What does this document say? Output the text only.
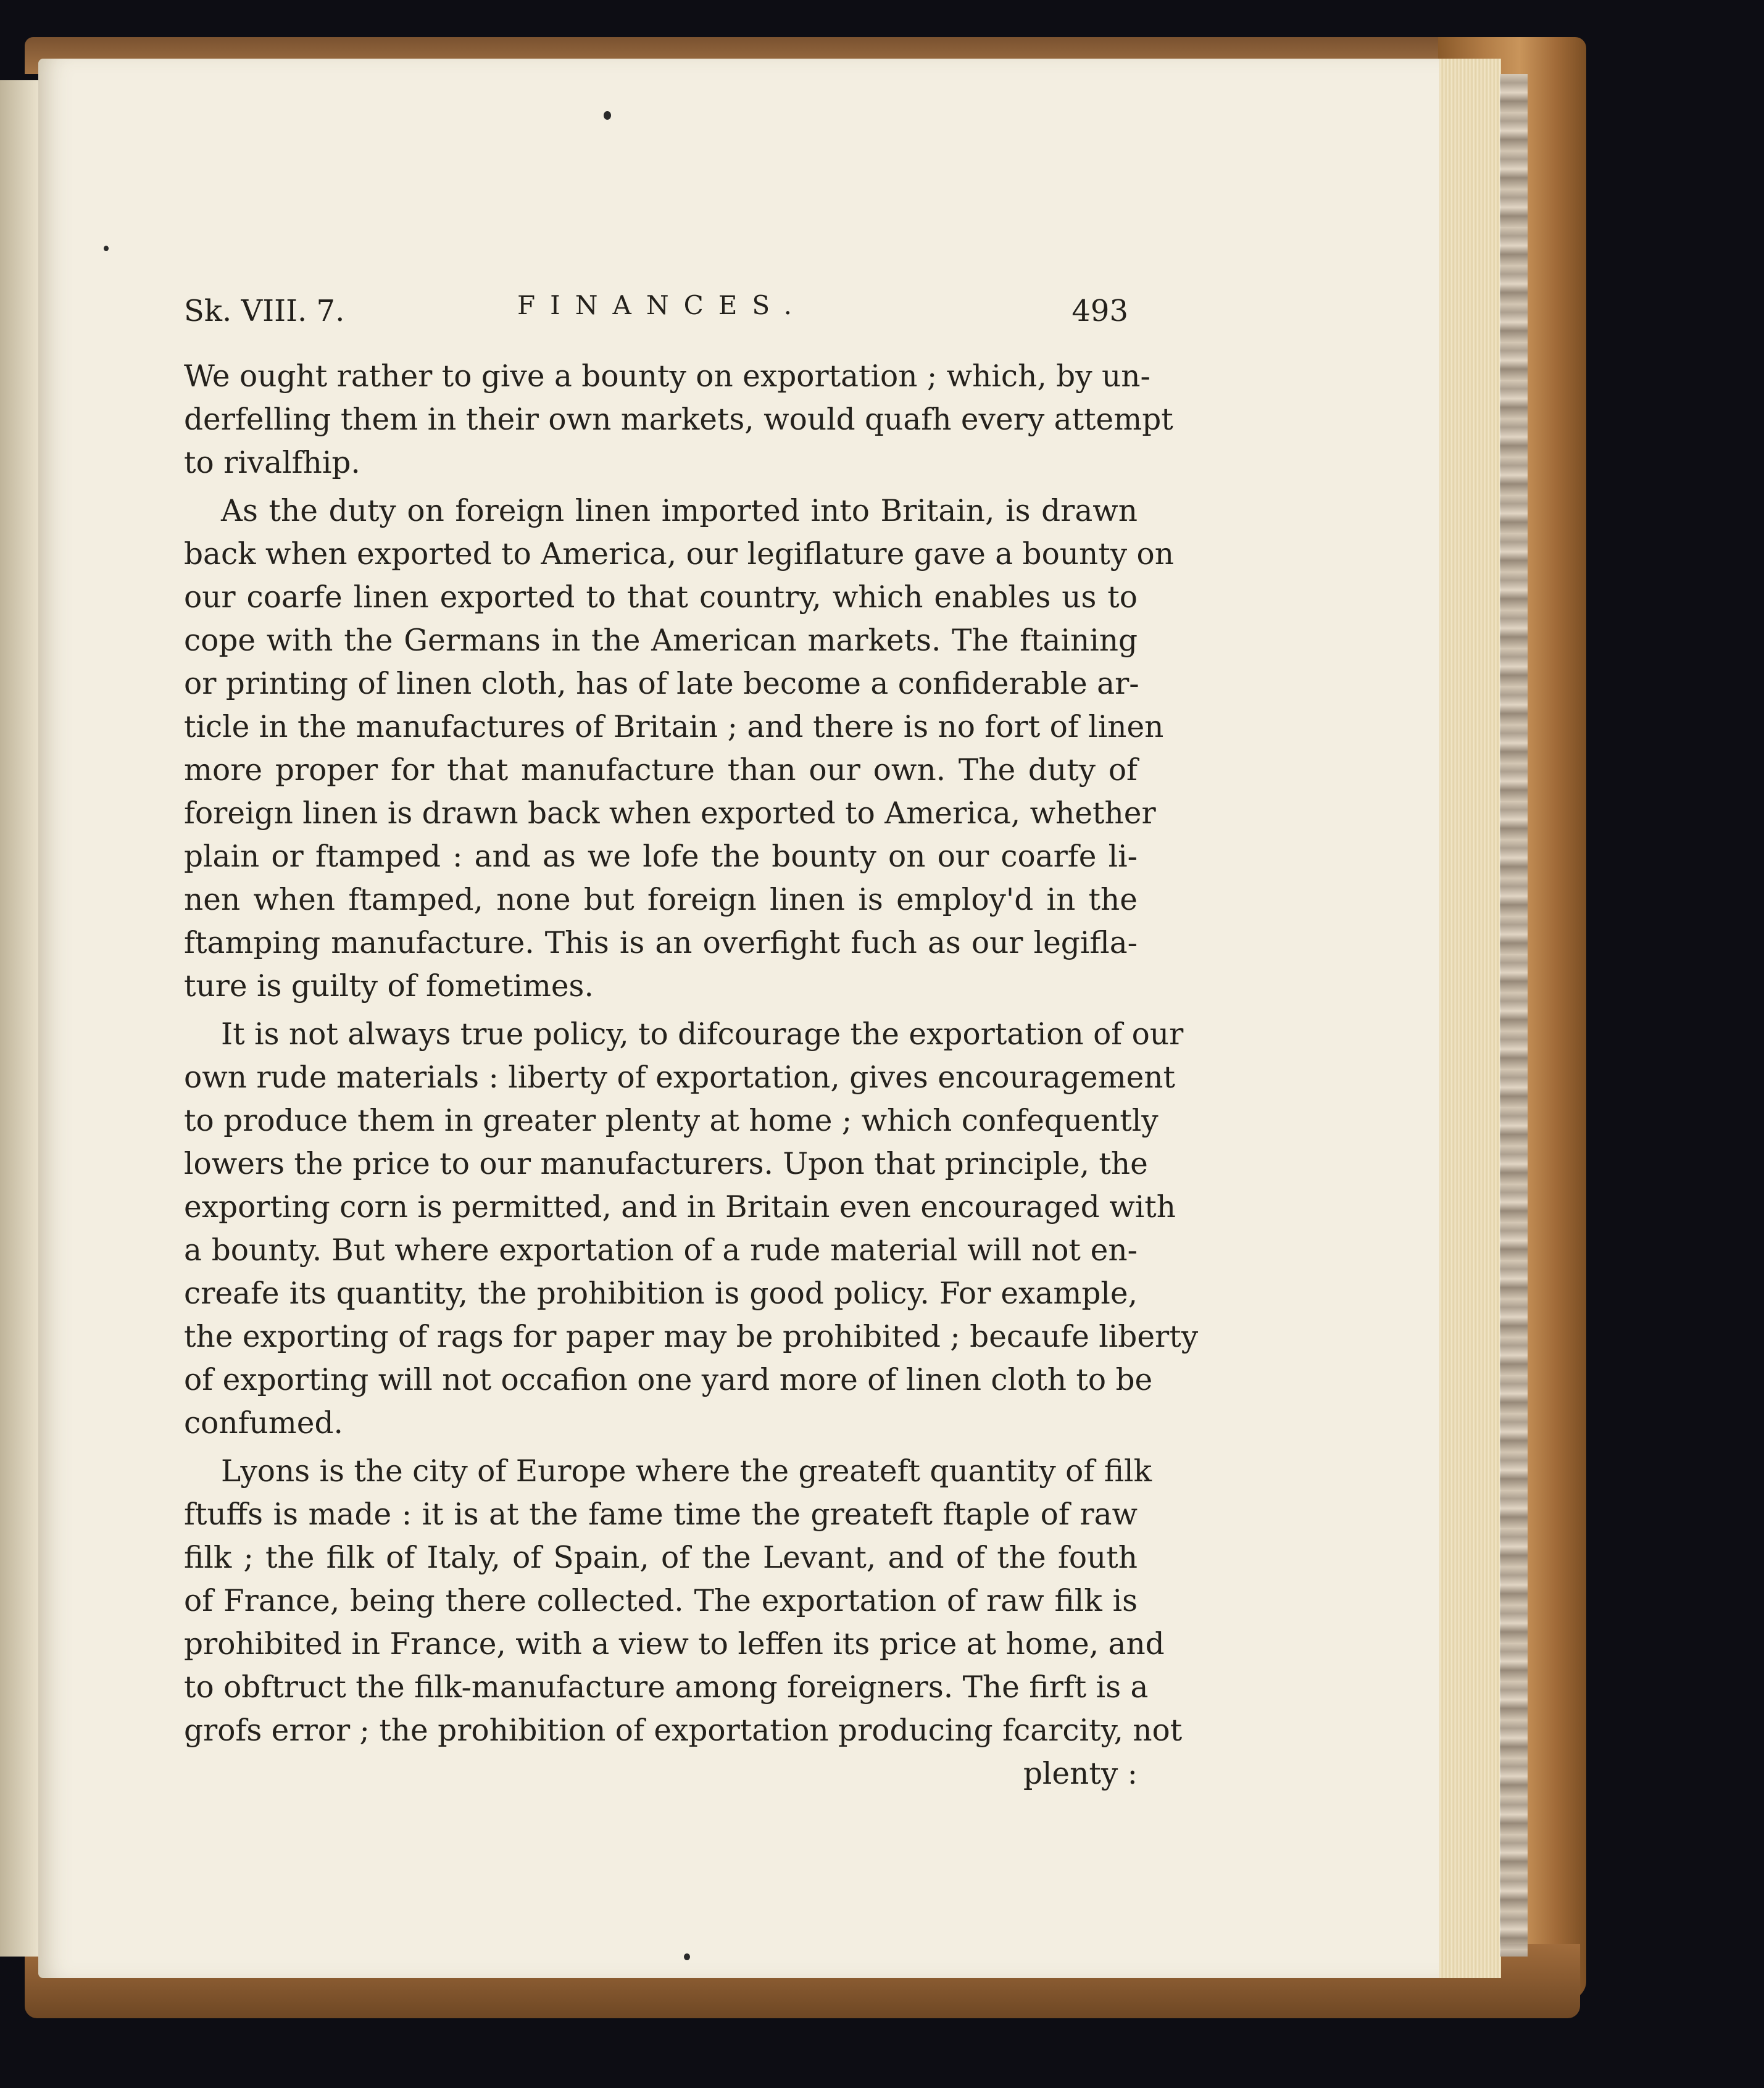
Sk. VIII. 7.	FINANCES.	493
We ought rather to give a bounty on exportation ; which, by un-
derfelling them in their own markets, would quafh every attempt
to rivalfhip.
As the duty on foreign linen imported into Britain, is drawn
back when exported to America, our legiflature gave a bounty on
our coarfe linen exported to that country, which enables us to
cope with the Germans in the American markets. The ftaining
or printing of linen cloth, has of late become a confiderable ar-
ticle in the manufactures of Britain ; and there is no fort of linen
more proper for that manufacture than our own. The duty of
foreign linen is drawn back when exported to America, whether
plain or ftamped : and as we lofe the bounty on our coarfe li-
nen when ftamped, none but foreign linen is employ'd in the
ftamping manufacture. This is an overfight fuch as our legifla-
ture is guilty of fometimes.
It is not always true policy, to difcourage the exportation of our
own rude materials : liberty of exportation, gives encouragement
to produce them in greater plenty at home ; which confequently
lowers the price to our manufacturers. Upon that principle, the
exporting corn is permitted, and in Britain even encouraged with
a bounty. But where exportation of a rude material will not en-
creafe its quantity, the prohibition is good policy. For example,
the exporting of rags for paper may be prohibited ; becaufe liberty
of exporting will not occafion one yard more of linen cloth to be
confumed.
Lyons is the city of Europe where the greateft quantity of filk
ftuffs is made : it is at the fame time the greateft ftaple of raw
filk ; the filk of Italy, of Spain, of the Levant, and of the fouth
of France, being there collected. The exportation of raw filk is
prohibited in France, with a view to leffen its price at home, and
to obftruct the filk-manufacture among foreigners. The firft is a
grofs error ; the prohibition of exportation producing fcarcity, not
plenty :
